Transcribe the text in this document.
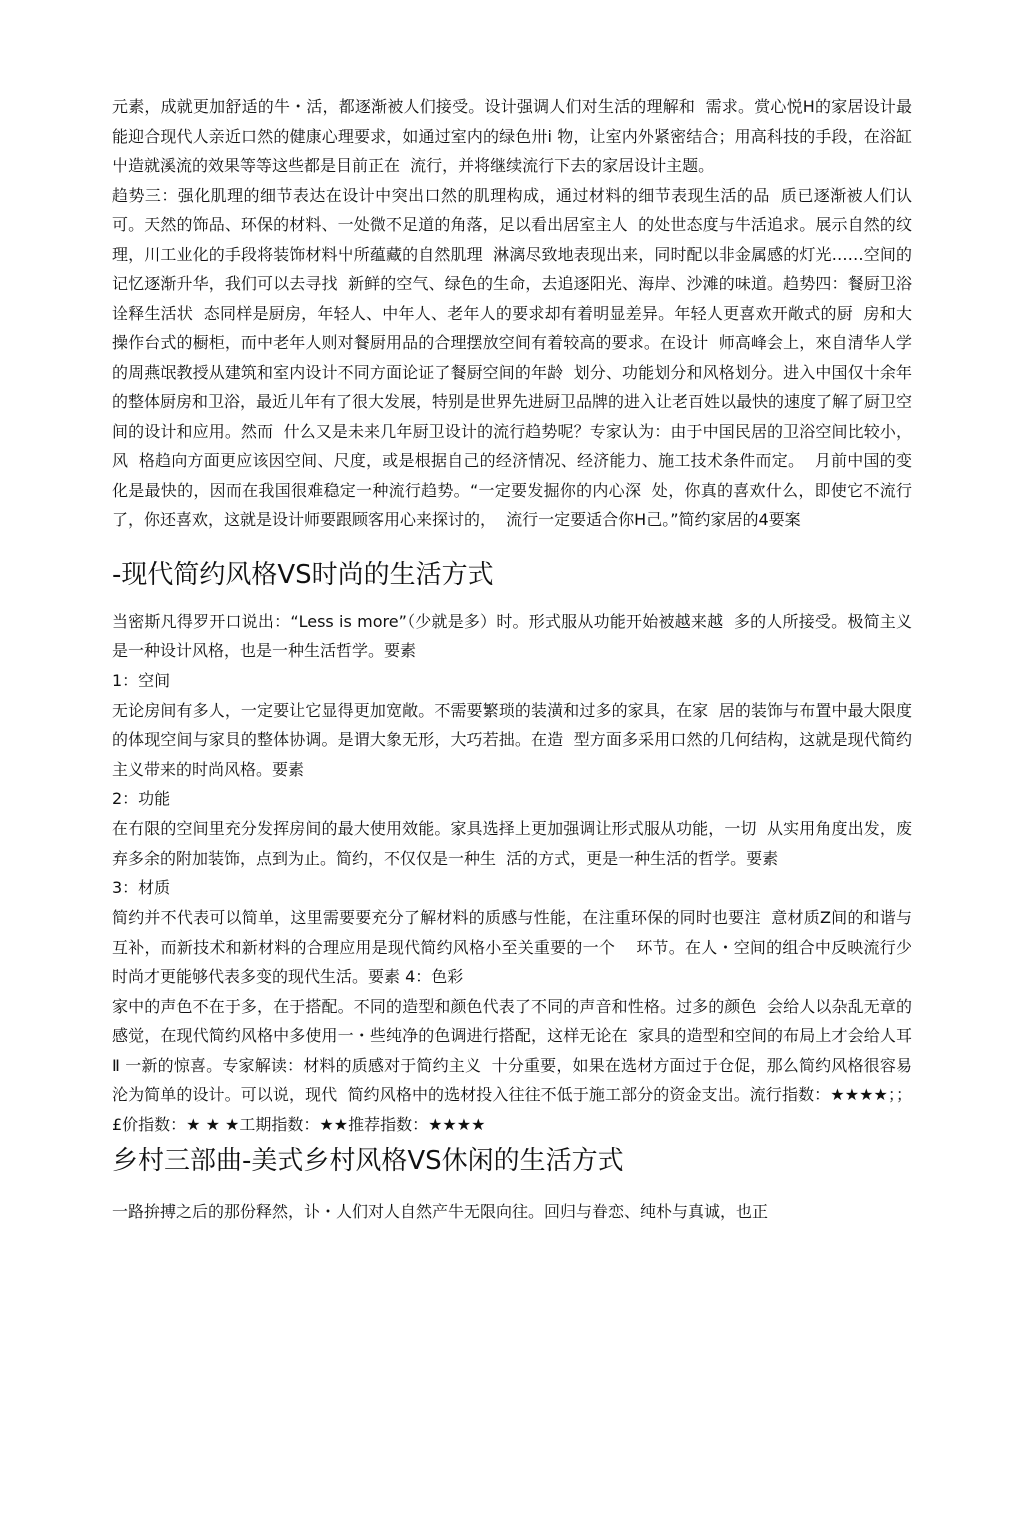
元素，成就更加舒适的牛・活，都逐渐被人们接受。设计强调人们对生活的理解和  需求。赏心悦H的家居设计最能迎合现代人亲近口然的健康心理要求，如通过室内的绿色卅i 物，让室内外紧密结合；用高科技的手段，在浴缸屮造就溪流的效果等等这些都是目前正在  流行，并将继续流行下去的家居设计主题。
趋势三：强化肌理的细节表达在设计中突出口然的肌理构成，通过材料的细节表现生活的品  质已逐渐被人们认可。天然的饰品、环保的材料、一处微不足道的角落，足以看出居室主人  的处世态度与牛活追求。展示自然的纹理，川工业化的手段将装饰材料屮所蕴藏的自然肌理  淋漓尽致地表现出来，同时配以非金属感的灯光……空间的记忆逐渐升华，我们可以去寻找  新鲜的空气、绿色的生命，去追逐阳光、海岸、沙滩的味道。趋势四：餐厨卫浴诠释生活状  态同样是厨房，年轻人、中年人、老年人的要求却有着明显差异。年轻人更喜欢开敞式的厨  房和大操作台式的橱柜，而中老年人则对餐厨用品的合理摆放空间有着较高的要求。在设计  师高峰会上，來自清华人学的周燕氓教授从建筑和室内设计不同方面论证了餐厨空间的年龄  划分、功能划分和风格划分。进入中国仅十余年的整体厨房和卫浴，最近儿年有了很大发展，特别是世界先进厨卫品牌的进入让老百姓以最快的速度了解了厨卫空间的设计和应用。然而  什么又是未来几年厨卫设计的流行趋势呢？专家认为：由于中国民居的卫浴空间比较小，风  格趋向方面更应该因空间、尺度，或是根据自己的经济情况、经济能力、施工技术条件而定。  月前中国的变化是最快的，因而在我国很难稳定一种流行趋势。“一定要发掘你的内心深  处，你真的喜欢什么，即使它不流行了，你还喜欢，这就是设计师要跟顾客用心来探讨的，  流行一定要适合你H己。”简约家居的4要案

-现代简约风格VS时尚的生活方式

当密斯凡得罗开口说出：“Less is more”（少就是多）时。形式服从功能开始被越来越  多的人所接受。极简主义是一种设计风格，也是一种生活哲学。要素

1：空间

无论房间有多人，一定要让它显得更加宽敞。不需要繁琐的装潢和过多的家具，在家  居的装饰与布置中最大限度的体现空间与家貝的整体协调。是谓大象无形，大巧若拙。在造  型方面多采用口然的几何结构，这就是现代简约主义带来的时尚风格。要素

2：功能

在冇限的空间里充分发挥房间的最大使用效能。家具选择上更加强调让形式服从功能，一切  从实用角度出发，废弃多余的附加装饰，点到为止。简约，不仅仅是一种生  活的方式，更是一种生活的哲学。要素

3：材质

简约并不代表可以简单，这里需要要充分了解材料的质感与性能，在注重环保的同时也要注  意材质Z间的和谐与互补，而新技术和新材料的合理应用是现代简约风格小至关重要的一个    环节。在人・空间的组合中反映流行少时尚才更能够代表多变的现代生活。要素 4：色彩

家中的声色不在于多，在于搭配。不同的造型和颜色代表了不同的声音和性格。过多的颜色  会给人以杂乱无章的感觉，在现代简约风格中多使用一・些纯净的色调进行搭配，这样无论在  家具的造型和空间的布局上才会给人耳Ⅱ 一新的惊喜。专家解读：材料的质感对于简约主义  十分重要，如果在选材方面过于仓促，那么简约风格很容易沦为简单的设计。可以说，现代  简约风格中的选材投入往往不低于施工部分的资金支岀。流行指数：★★★★；；£价指数：★ ★ ★工期指数：★★推荐指数：★★★★

乡村三部曲-美式乡村风格VS休闲的生活方式

一路拚搏之后的那份释然，讣・人们对人自然产牛无限向往。回归与眷恋、纯朴与真诚，也正
